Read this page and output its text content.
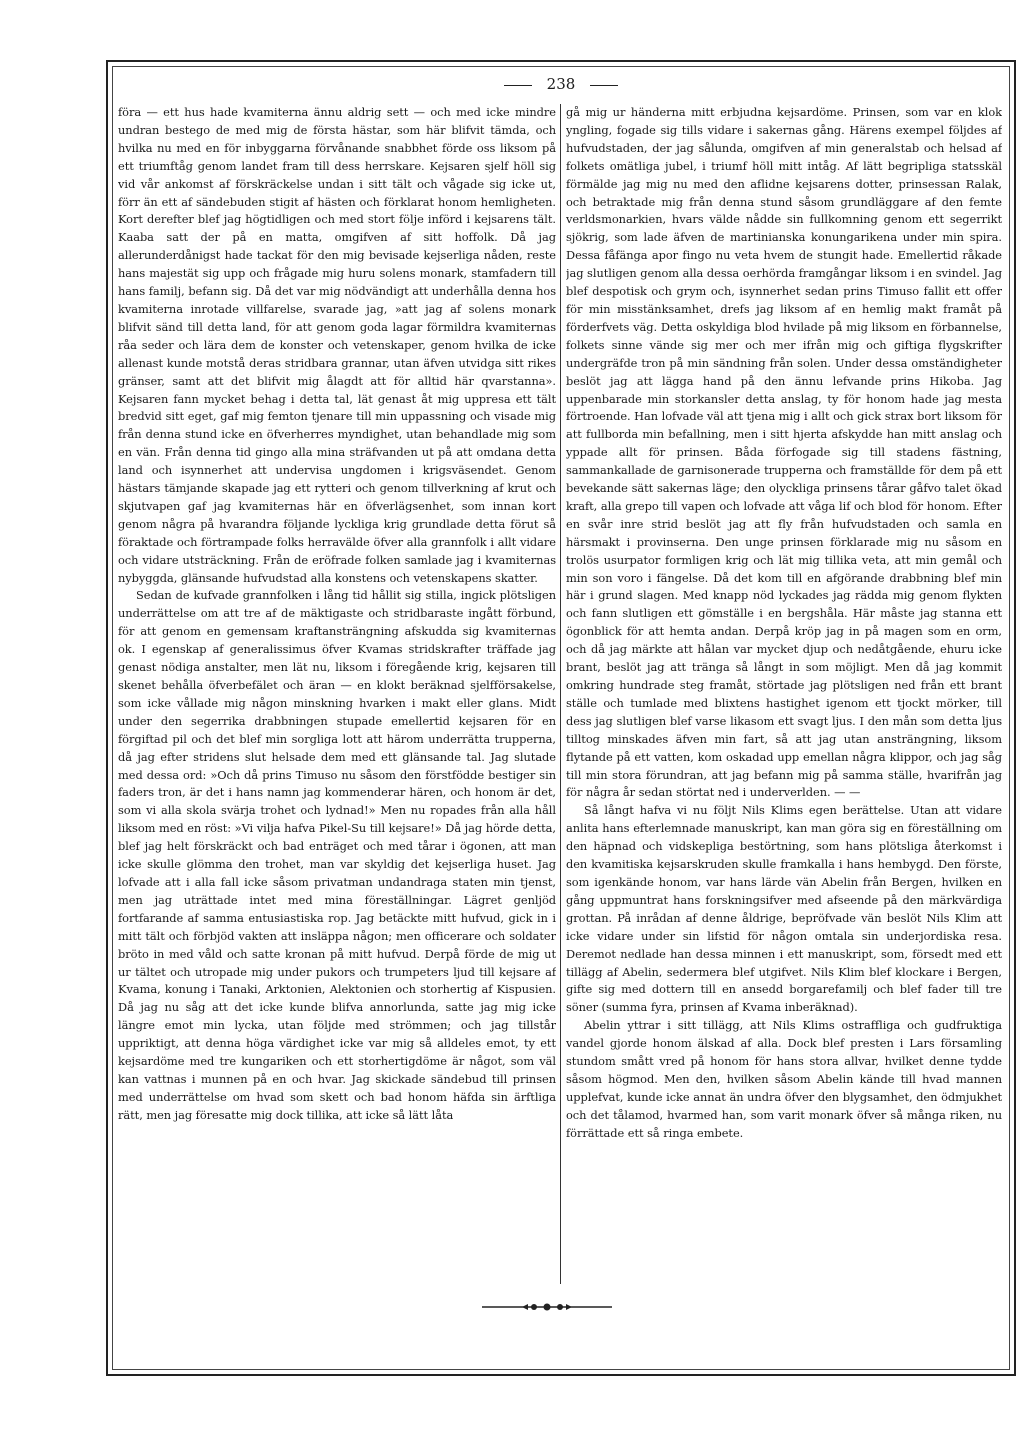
238

föra — ett hus hade kvamiterna ännu aldrig sett — och med icke mindre undran bestego de med mig de första hästar, som här blifvit tämda, och hvilka nu med en för inbyggarna förvånande snabbhet förde oss liksom på ett triumftåg genom landet fram till dess herrskare. Kejsaren sjelf höll sig vid vår ankomst af förskräckelse undan i sitt tält och vågade sig icke ut, förr än ett af sändebuden stigit af hästen och förklarat honom hemligheten. Kort derefter blef jag högtidligen och med stort följe införd i kejsarens tält. Kaaba satt der på en matta, omgifven af sitt hoffolk. Då jag allerunderdånigst hade tackat för den mig bevisade kejserliga nåden, reste hans majestät sig upp och frågade mig huru solens monark, stamfadern till hans familj, befann sig. Då det var mig nödvändigt att underhålla denna hos kvamiterna inrotade villfarelse, svarade jag, »att jag af solens monark blifvit sänd till detta land, för att genom goda lagar förmildra kvamiternas råa seder och lära dem de konster och vetenskaper, genom hvilka de icke allenast kunde motstå deras stridbara grannar, utan äfven utvidga sitt rikes gränser, samt att det blifvit mig ålagdt att för alltid här qvarstanna». Kejsaren fann mycket behag i detta tal, lät genast åt mig uppresa ett tält bredvid sitt eget, gaf mig femton tjenare till min uppassning och visade mig från denna stund icke en öfverherres myndighet, utan behandlade mig som en vän. Från denna tid gingo alla mina sträfvanden ut på att omdana detta land och isynnerhet att undervisa ungdomen i krigsväsendet. Genom hästars tämjande skapade jag ett rytteri och genom tillverkning af krut och skjutvapen gaf jag kvamiternas här en öfverlägsenhet, som innan kort genom några på hvarandra följande lyckliga krig grundlade detta förut så föraktade och förtrampade folks herravälde öfver alla grannfolk i allt vidare och vidare utsträckning. Från de eröfrade folken samlade jag i kvamiternas nybyggda, glänsande hufvudstad alla konstens och vetenskapens skatter.

Sedan de kufvade grannfolken i lång tid hållit sig stilla, ingick plötsligen underrättelse om att tre af de mäktigaste och stridbaraste ingått förbund, för att genom en gemensam kraftansträngning afskudda sig kvamiternas ok. I egenskap af generalissimus öfver Kvamas stridskrafter träffade jag genast nödiga anstalter, men lät nu, liksom i föregående krig, kejsaren till skenet behålla öfverbefälet och äran — en klokt beräknad sjelfförsakelse, som icke vållade mig någon minskning hvarken i makt eller glans. Midt under den segerrika drabbningen stupade emellertid kejsaren för en förgiftad pil och det blef min sorgliga lott att härom underrätta trupperna, då jag efter stridens slut helsade dem med ett glänsande tal. Jag slutade med dessa ord: »Och då prins Timuso nu såsom den förstfödde bestiger sin faders tron, är det i hans namn jag kommenderar hären, och honom är det, som vi alla skola svärja trohet och lydnad!» Men nu ropades från alla håll liksom med en röst: »Vi vilja hafva Pikel-Su till kejsare!» Då jag hörde detta, blef jag helt förskräckt och bad enträget och med tårar i ögonen, att man icke skulle glömma den trohet, man var skyldig det kejserliga huset. Jag lofvade att i alla fall icke såsom privatman undandraga staten min tjenst, men jag uträttade intet med mina föreställningar. Lägret genljöd fortfarande af samma entusiastiska rop. Jag betäckte mitt hufvud, gick in i mitt tält och förbjöd vakten att insläppa någon; men officerare och soldater bröto in med våld och satte kronan på mitt hufvud. Derpå förde de mig ut ur tältet och utropade mig under pukors och trumpeters ljud till kejsare af Kvama, konung i Tanaki, Arktonien, Alektonien och storhertig af Kispusien. Då jag nu såg att det icke kunde blifva annorlunda, satte jag mig icke längre emot min lycka, utan följde med strömmen; och jag tillstår uppriktigt, att denna höga värdighet icke var mig så alldeles emot, ty ett kejsardöme med tre kungariken och ett storhertigdöme är något, som väl kan vattnas i munnen på en och hvar. Jag skickade sändebud till prinsen med underrättelse om hvad som skett och bad honom häfda sin ärftliga rätt, men jag föresatte mig dock tillika, att icke så lätt låta

gå mig ur händerna mitt erbjudna kejsardöme. Prinsen, som var en klok yngling, fogade sig tills vidare i sakernas gång. Härens exempel följdes af hufvudstaden, der jag sålunda, omgifven af min generalstab och helsad af folkets omätliga jubel, i triumf höll mitt intåg. Af lätt begripliga statsskäl förmälde jag mig nu med den aflidne kejsarens dotter, prinsessan Ralak, och betraktade mig från denna stund såsom grundläggare af den femte verldsmonarkien, hvars välde nådde sin fullkomning genom ett segerrikt sjökrig, som lade äfven de martinianska konungarikena under min spira. Dessa fåfänga apor fingo nu veta hvem de stungit hade. Emellertid råkade jag slutligen genom alla dessa oerhörda framgångar liksom i en svindel. Jag blef despotisk och grym och, isynnerhet sedan prins Timuso fallit ett offer för min misstänksamhet, drefs jag liksom af en hemlig makt framåt på förderfvets väg. Detta oskyldiga blod hvilade på mig liksom en förbannelse, folkets sinne vände sig mer och mer ifrån mig och giftiga flygskrifter undergräfde tron på min sändning från solen. Under dessa omständigheter beslöt jag att lägga hand på den ännu lefvande prins Hikoba. Jag uppenbarade min storkansler detta anslag, ty för honom hade jag mesta förtroende. Han lofvade väl att tjena mig i allt och gick strax bort liksom för att fullborda min befallning, men i sitt hjerta afskydde han mitt anslag och yppade allt för prinsen. Båda förfogade sig till stadens fästning, sammankallade de garnisonerade trupperna och framställde för dem på ett bevekande sätt sakernas läge; den olyckliga prinsens tårar gåfvo talet ökad kraft, alla grepo till vapen och lofvade att våga lif och blod för honom. Efter en svår inre strid beslöt jag att fly från hufvudstaden och samla en härsmakt i provinserna. Den unge prinsen förklarade mig nu såsom en trolös usurpator formligen krig och lät mig tillika veta, att min gemål och min son voro i fängelse. Då det kom till en afgörande drabbning blef min här i grund slagen. Med knapp nöd lyckades jag rädda mig genom flykten och fann slutligen ett gömställe i en bergshåla. Här måste jag stanna ett ögonblick för att hemta andan. Derpå kröp jag in på magen som en orm, och då jag märkte att hålan var mycket djup och nedåtgående, ehuru icke brant, beslöt jag att tränga så långt in som möjligt. Men då jag kommit omkring hundrade steg framåt, störtade jag plötsligen ned från ett brant ställe och tumlade med blixtens hastighet igenom ett tjockt mörker, till dess jag slutligen blef varse likasom ett svagt ljus. I den mån som detta ljus tilltog minskades äfven min fart, så att jag utan ansträngning, liksom flytande på ett vatten, kom oskadad upp emellan några klippor, och jag såg till min stora förundran, att jag befann mig på samma ställe, hvarifrån jag för några år sedan störtat ned i underverlden. — —

Så långt hafva vi nu följt Nils Klims egen berättelse. Utan att vidare anlita hans efterlemnade manuskript, kan man göra sig en föreställning om den häpnad och vidskepliga bestörtning, som hans plötsliga återkomst i den kvamitiska kejsarskruden skulle framkalla i hans hembygd. Den förste, som igenkände honom, var hans lärde vän Abelin från Bergen, hvilken en gång uppmuntrat hans forskningsifver med afseende på den märkvärdiga grottan. På inrådan af denne åldrige, bepröfvade vän beslöt Nils Klim att icke vidare under sin lifstid för någon omtala sin underjordiska resa. Deremot nedlade han dessa minnen i ett manuskript, som, försedt med ett tillägg af Abelin, sedermera blef utgifvet. Nils Klim blef klockare i Bergen, gifte sig med dottern till en ansedd borgarefamilj och blef fader till tre söner (summa fyra, prinsen af Kvama inberäknad).

Abelin yttrar i sitt tillägg, att Nils Klims ostraffliga och gudfruktiga vandel gjorde honom älskad af alla. Dock blef presten i Lars församling stundom smått vred på honom för hans stora allvar, hvilket denne tydde såsom högmod. Men den, hvilken såsom Abelin kände till hvad mannen upplefvat, kunde icke annat än undra öfver den blygsamhet, den ödmjukhet och det tålamod, hvarmed han, som varit monark öfver så många riken, nu förrättade ett så ringa embete.
